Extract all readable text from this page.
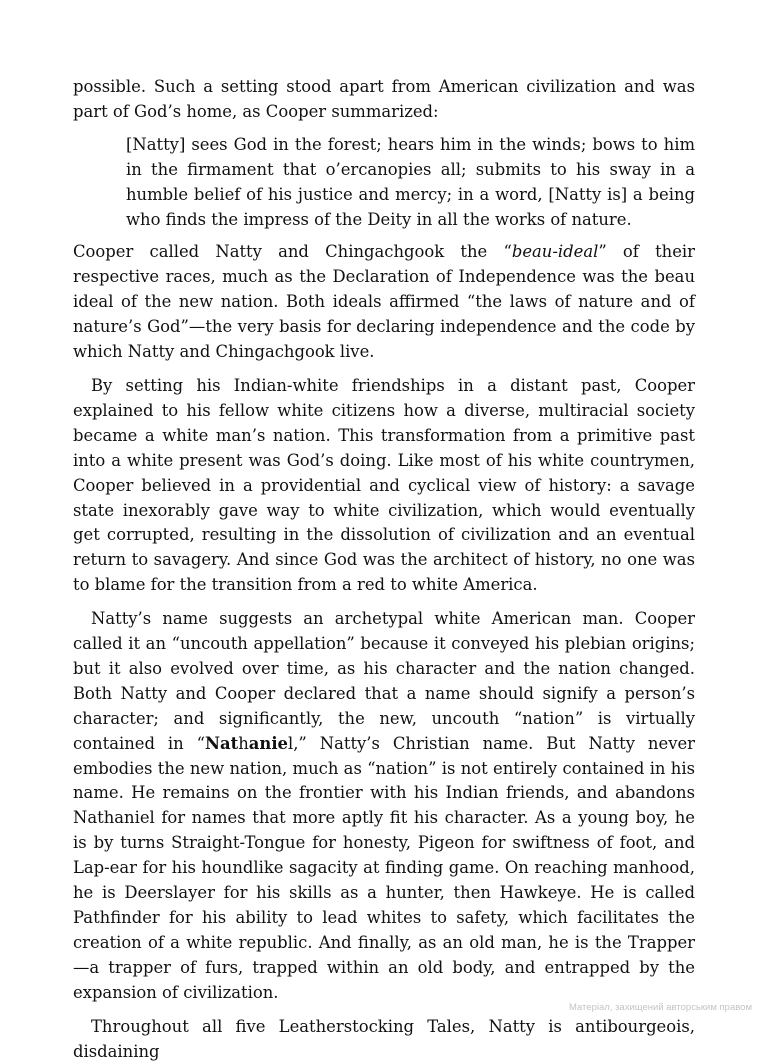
possible. Such a setting stood apart from American civilization and was part of God’s home, as Cooper summarized:

[Natty] sees God in the forest; hears him in the winds; bows to him in the firmament that o’ercanopies all; submits to his sway in a humble belief of his justice and mercy; in a word, [Natty is] a being who finds the impress of the Deity in all the works of nature.

Cooper called Natty and Chingachgook the “beau-ideal” of their respective races, much as the Declaration of Independence was the beau ideal of the new nation. Both ideals affirmed “the laws of nature and of nature’s God”—the very basis for declaring independence and the code by which Natty and Chingachgook live.

By setting his Indian-white friendships in a distant past, Cooper explained to his fellow white citizens how a diverse, multiracial society became a white man’s nation. This transformation from a primitive past into a white present was God’s doing. Like most of his white countrymen, Cooper believed in a providential and cyclical view of history: a savage state inexorably gave way to white civilization, which would eventually get corrupted, resulting in the dissolution of civilization and an eventual return to savagery. And since God was the architect of history, no one was to blame for the transition from a red to white America.

Natty’s name suggests an archetypal white American man. Cooper called it an “uncouth appellation” because it conveyed his plebian origins; but it also evolved over time, as his character and the nation changed. Both Natty and Cooper declared that a name should signify a person’s character; and significantly, the new, uncouth “nation” is virtually contained in “Nathaniel,” Natty’s Christian name. But Natty never embodies the new nation, much as “nation” is not entirely contained in his name. He remains on the frontier with his Indian friends, and abandons Nathaniel for names that more aptly fit his character. As a young boy, he is by turns Straight-Tongue for honesty, Pigeon for swiftness of foot, and Lap-ear for his houndlike sagacity at finding game. On reaching manhood, he is Deerslayer for his skills as a hunter, then Hawkeye. He is called Pathfinder for his ability to lead whites to safety, which facilitates the creation of a white republic. And finally, as an old man, he is the Trapper—a trapper of furs, trapped within an old body, and entrapped by the expansion of civilization.

Throughout all five Leatherstocking Tales, Natty is antibourgeois, disdaining

Матеріал, захищений авторським правом
